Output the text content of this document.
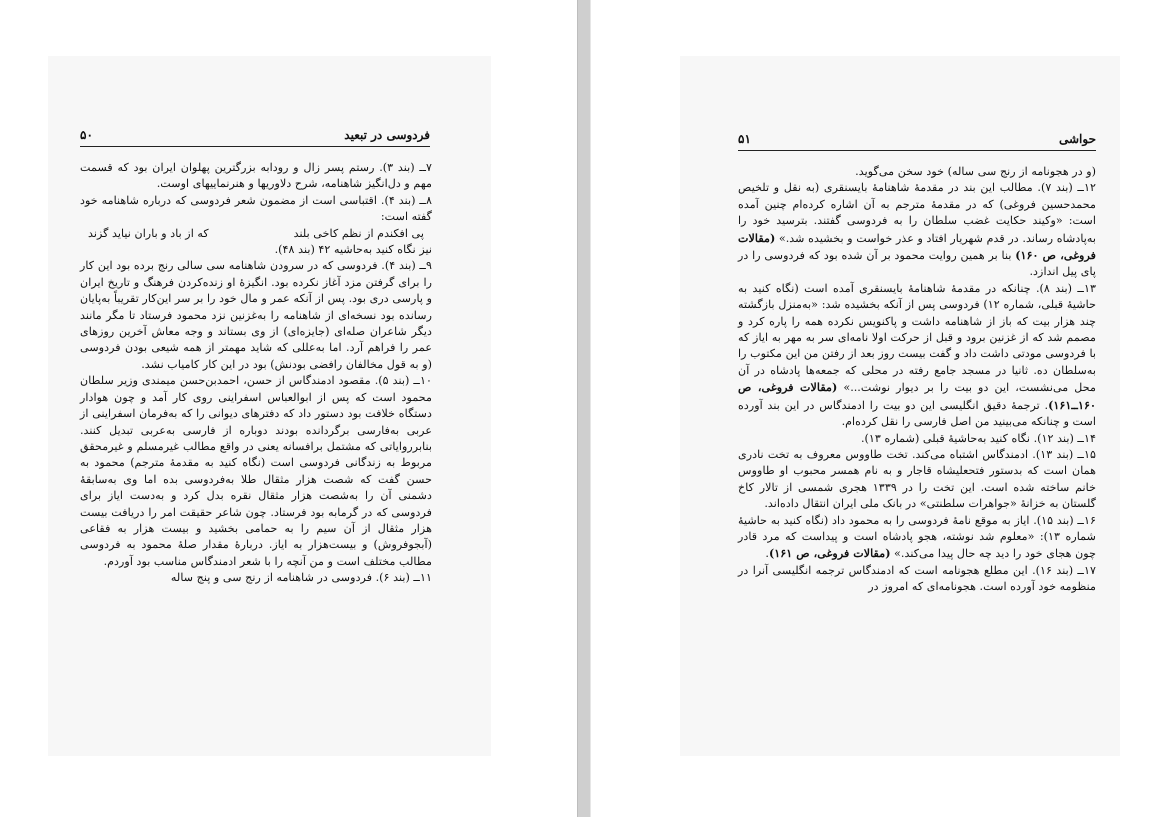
فردوسی در تبعید
۵۰

۷ــ (بند ۳). رستم پسر زال و رودابه بزرگترین پهلوان ایران بود که قسمت مهم و دل‌انگیز شاهنامه، شرح دلاوریها و هنرنماییهای اوست.

۸ــ (بند ۴). اقتباسی است از مضمون شعر فردوسی که درباره شاهنامه خود گفته است:

پی افکندم از نظم کاخی بلند
که از باد و باران نیاید گزند

نیز نگاه کنید به‌حاشیه ۴۲ (بند ۴۸).

۹ــ (بند ۴). فردوسی که در سرودن شاهنامه سی سالی رنج برده بود این کار را برای گرفتن مزد آغاز نکرده بود. انگیزهٔ او زنده‌کردن فرهنگ و تاریخ ایران و پارسی دری بود. پس از آنکه عمر و مال خود را بر سر این‌کار تقریباً به‌پایان رسانده بود نسخه‌ای از شاهنامه را به‌غزنین نزد محمود فرستاد تا مگر مانند دیگر شاعران صله‌ای (جایزه‌ای) از وی بستاند و وجه معاش آخرین روزهای عمر را فراهم آرد. اما به‌عللی که شاید مهمتر از همه شیعی بودن فردوسی (و به قول مخالفان رافضی بودنش) بود در این کار کامیاب نشد.

۱۰ــ (بند ۵). مقصود ادمندگاس از حسن، احمدبن‌حسن میمندی وزیر سلطان محمود است که پس از ابوالعباس اسفراینی روی کار آمد و چون هوادار دستگاه خلافت بود دستور داد که دفترهای دیوانی را که به‌فرمان اسفراینی از عربی به‌فارسی برگردانده بودند دوباره از فارسی به‌عربی تبدیل کنند. بنابر‌رواياتی که مشتمل برافسانه یعنی در واقع مطالب غیرمسلم و غیرمحقق مربوط به زندگانی فردوسی است (نگاه کنید به مقدمهٔ مترجم) محمود به حسن گفت که شصت هزار مثقال طلا به‌فردوسی بده اما وی به‌سابقهٔ دشمنی آن را به‌شصت هزار مثقال نقره بدل کرد و به‌دست ایاز برای فردوسی که در گرمابه بود فرستاد. چون شاعر حقیقت امر را دریافت بیست هزار مثقال از آن سیم را به حمامی بخشید و بیست هزار به فقاعی (آبجوفروش) و بیست‌هزار به ایاز. دربارهٔ مقدار صلهٔ محمود به فردوسی مطالب مختلف است و من آنچه را با شعر ادمندگاس مناسب بود آوردم.

۱۱ــ (بند ۶). فردوسی در شاهنامه از رنج سی و پنج ساله

حواشی
۵۱

(و در هجونامه از رنج سی ساله) خود سخن می‌گوید.

۱۲ــ (بند ۷). مطالب این بند در مقدمهٔ شاهنامهٔ بایسنقری (به نقل و تلخیص محمدحسین فروغی) که در مقدمهٔ مترجم به آن اشاره کرده‌ام چنین آمده است: «وکیند حکایت غضب سلطان را به فردوسی گفتند. بترسید خود را به‌پادشاه رساند. در قدم شهریار افتاد و عذر خواست و بخشیده شد.» (مقالات فروغی، ص ۱۶۰) بنا بر همین روایت محمود بر آن شده بود که فردوسی را در پای پیل اندازد.

۱۳ــ (بند ۸). چنانکه در مقدمهٔ شاهنامهٔ بایسنقری آمده است (نگاه کنید به حاشیهٔ قبلی، شماره ۱۲) فردوسی پس از آنکه بخشیده شد: «به‌منزل بازگشته چند هزار بیت که باز از شاهنامه داشت و پاکنویس نکرده همه را پاره کرد و مصمم شد که از غزنین برود و قبل از حرکت اولا نامه‌ای سر به مهر به ایاز که با فردوسی مودتی داشت داد و گفت بیست روز بعد از رفتن من این مکتوب را به‌سلطان ده. ثانیا در مسجد جامع رفته در محلی که جمعه‌ها پادشاه در آن محل می‌نشست، این دو بیت را بر دیوار نوشت...» (مقالات فروغی، ص ۱۶۰ــ۱۶۱). ترجمهٔ دقیق انگلیسی این دو بیت را ادمندگاس در این بند آورده است و چنانکه می‌بینید من اصل فارسی را نقل کرده‌ام.

۱۴ــ (بند ۱۲). نگاه کنید به‌حاشیهٔ قبلی (شماره ۱۳).

۱۵ــ (بند ۱۳). ادمندگاس اشتباه می‌کند. تخت طاووس معروف به تخت نادری همان است که بدستور فتحعلیشاه قاجار و به نام همسر محبوب او طاووس خانم ساخته شده است. این تخت را در ۱۳۳۹ هجری شمسی از تالار کاخ گلستان به خزانهٔ «جواهرات سلطنتی» در بانک ملی ایران انتقال داده‌اند.

۱۶ــ (بند ۱۵). ایاز به موقع نامهٔ فردوسی را به محمود داد (نگاه کنید به حاشیهٔ شماره ۱۳): «معلوم شد نوشته، هجو پادشاه است و پیداست که مرد قادر چون هجای خود را دید چه حال پیدا می‌کند.» (مقالات فروغی، ص ۱۶۱).

۱۷ــ (بند ۱۶). این مطلع هجونامه است که ادمندگاس ترجمه انگلیسی آنرا در منظومه خود آورده است. هجونامه‌ای که امروز در
